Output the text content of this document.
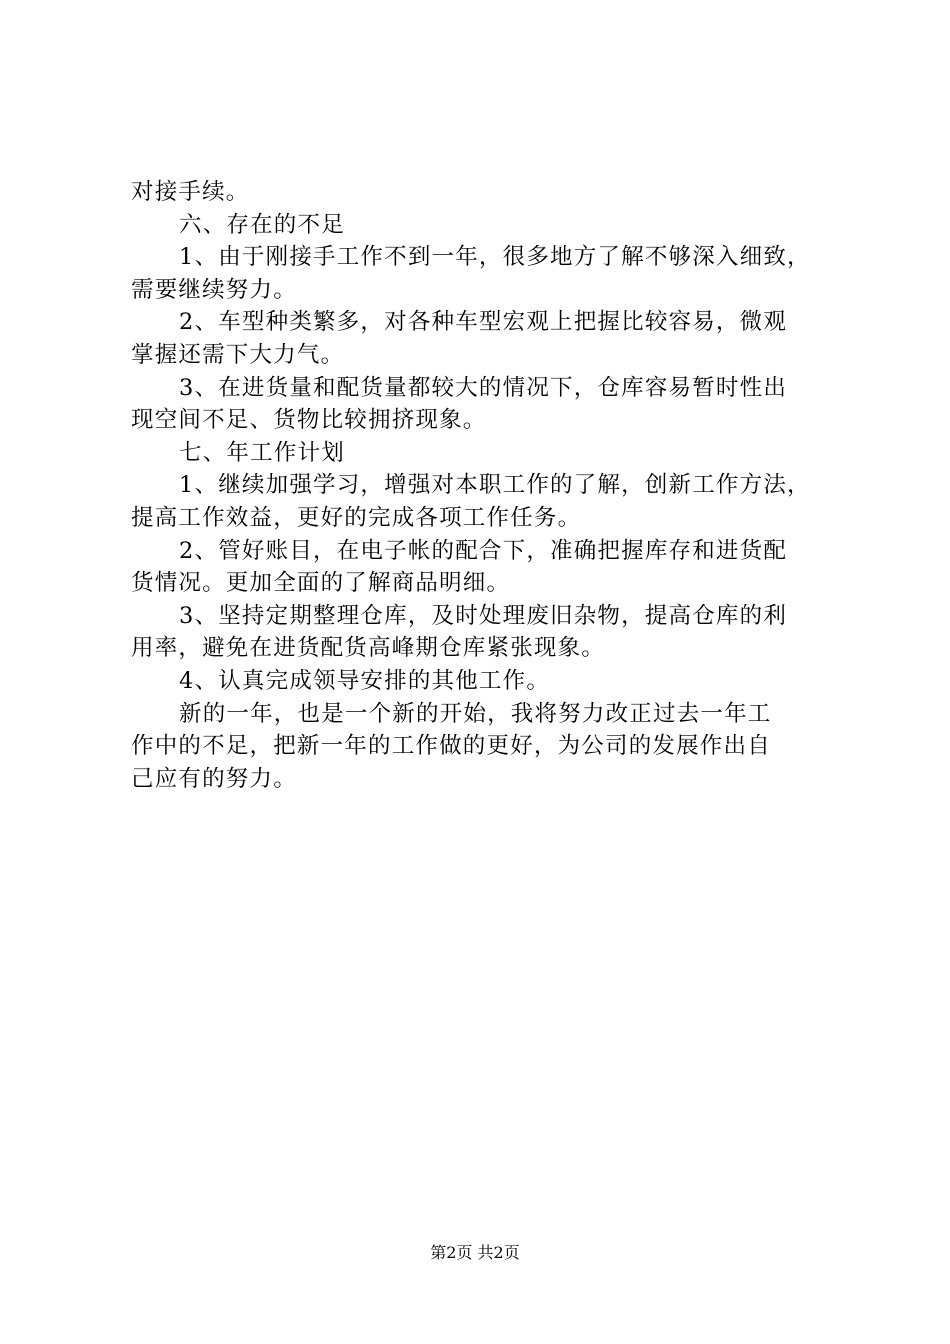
对接手续。
六、存在的不足
1、由于刚接手工作不到一年，很多地方了解不够深入细致，
需要继续努力。
2、车型种类繁多，对各种车型宏观上把握比较容易，微观
掌握还需下大力气。
3、在进货量和配货量都较大的情况下，仓库容易暂时性出
现空间不足、货物比较拥挤现象。
七、年工作计划
1、继续加强学习，增强对本职工作的了解，创新工作方法，
提高工作效益，更好的完成各项工作任务。
2、管好账目，在电子帐的配合下，准确把握库存和进货配
货情况。更加全面的了解商品明细。
3、坚持定期整理仓库，及时处理废旧杂物，提高仓库的利
用率，避免在进货配货高峰期仓库紧张现象。
4、认真完成领导安排的其他工作。
新的一年，也是一个新的开始，我将努力改正过去一年工
作中的不足，把新一年的工作做的更好，为公司的发展作出自
己应有的努力。
第2页 共2页
